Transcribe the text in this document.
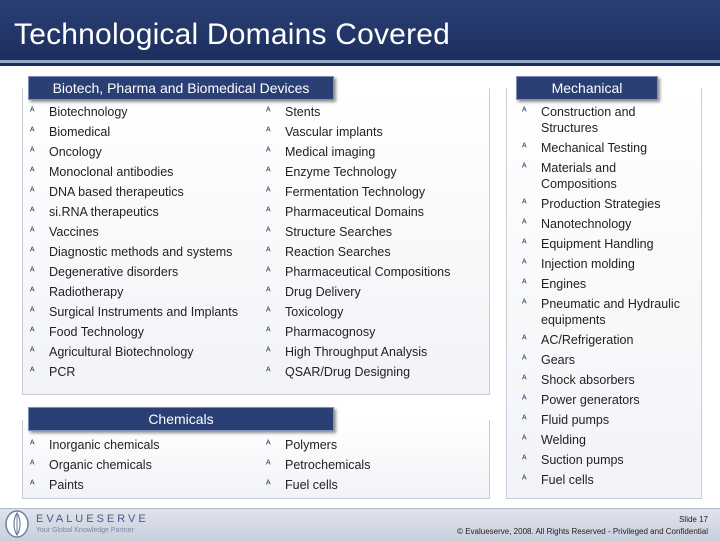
Technological Domains Covered
Biotech, Pharma and Biomedical Devices
ᴬ Biotechnology
ᴬ Biomedical
ᴬ Oncology
ᴬ Monoclonal antibodies
ᴬ DNA based therapeutics
ᴬ si.RNA therapeutics
ᴬ Vaccines
ᴬ Diagnostic methods and systems
ᴬ Degenerative disorders
ᴬ Radiotherapy
ᴬ Surgical Instruments and Implants
ᴬ Food Technology
ᴬ Agricultural Biotechnology
ᴬ PCR
ᴬ Stents
ᴬ Vascular implants
ᴬ Medical imaging
ᴬ Enzyme Technology
ᴬ Fermentation Technology
ᴬ Pharmaceutical Domains
ᴬ Structure Searches
ᴬ Reaction Searches
ᴬ Pharmaceutical Compositions
ᴬ Drug Delivery
ᴬ Toxicology
ᴬ Pharmacognosy
ᴬ High Throughput Analysis
ᴬ QSAR/Drug Designing
Chemicals
ᴬ Inorganic chemicals
ᴬ Organic chemicals
ᴬ Paints
ᴬ Polymers
ᴬ Petrochemicals
ᴬ Fuel cells
Mechanical
ᴬ Construction and Structures
ᴬ Mechanical Testing
ᴬ Materials and Compositions
ᴬ Production Strategies
ᴬ Nanotechnology
ᴬ Equipment Handling
ᴬ Injection molding
ᴬ Engines
ᴬ Pneumatic and Hydraulic equipments
ᴬ AC/Refrigeration
ᴬ Gears
ᴬ Shock absorbers
ᴬ Power generators
ᴬ Fluid pumps
ᴬ Welding
ᴬ Suction pumps
ᴬ Fuel cells
EVALUESERVE
Your Global Knowledge Partner
Slide 17
© Evalueserve, 2008. All Rights Reserved - Privileged and Confidential
